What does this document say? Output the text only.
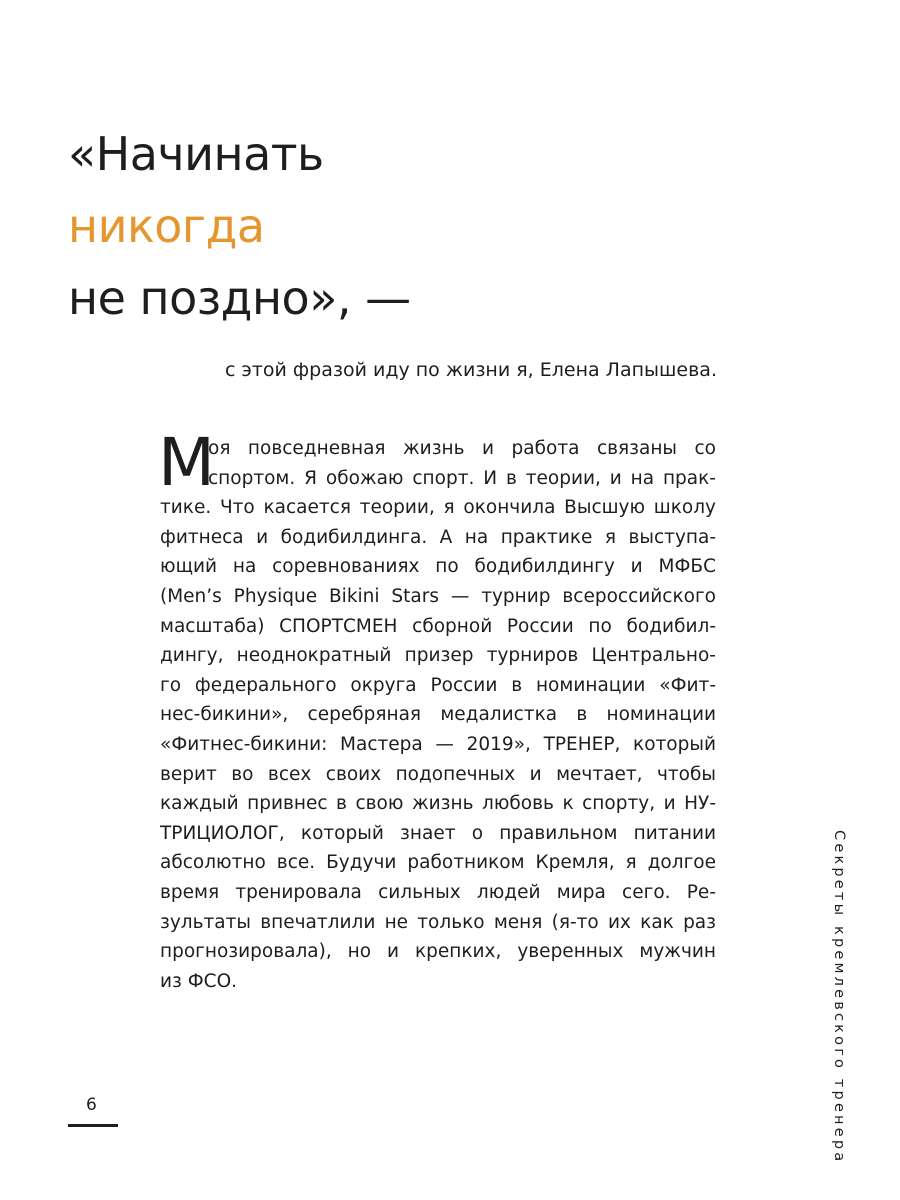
«Начинать
никогда
не поздно», —
с этой фразой иду по жизни я, Елена Лапышева.
М
оя повседневная жизнь и работа связаны со
спортом. Я обожаю спорт. И в теории, и на прак-
тике. Что касается теории, я окончила Высшую школу
фитнеса и бодибилдинга. А на практике я выступа-
ющий на соревнованиях по бодибилдингу и МФБС
(Men’s Physique Bikini Stars — турнир всероссийского
масштаба) СПОРТСМЕН сборной России по бодибил-
дингу, неоднократный призер турниров Центрально-
го федерального округа России в номинации «Фит-
нес-бикини», серебряная медалистка в номинации
«Фитнес-бикини: Мастера — 2019», ТРЕНЕР, который
верит во всех своих подопечных и мечтает, чтобы
каждый привнес в свою жизнь любовь к спорту, и НУ-
ТРИЦИОЛОГ, который знает о правильном питании
абсолютно все. Будучи работником Кремля, я долгое
время тренировала сильных людей мира сего. Ре-
зультаты впечатлили не только меня (я-то их как раз
прогнозировала), но и крепких, уверенных мужчин
из ФСО.
6	Секреты кремлевского тренера
